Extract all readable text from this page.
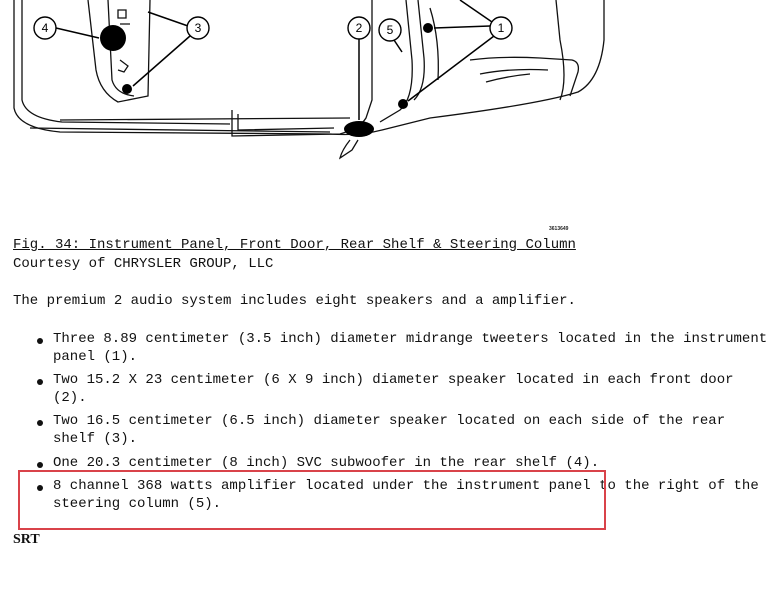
4	3	2 5	1
3613649
Fig. 34: Instrument Panel, Front Door, Rear Shelf & Steering Column
Courtesy of CHRYSLER GROUP, LLC
The premium 2 audio system includes eight speakers and a amplifier.
Three 8.89 centimeter (3.5 inch) diameter midrange tweeters located in the instrument
panel (1).
Two 15.2 X 23 centimeter (6 X 9 inch) diameter speaker located in each front door
(2).
Two 16.5 centimeter (6.5 inch) diameter speaker located on each side of the rear
shelf (3).
One 20.3 centimeter (8 inch) SVC subwoofer in the rear shelf (4).
8 channel 368 watts amplifier located under the instrument panel to the right of the
steering column (5).
SRT
